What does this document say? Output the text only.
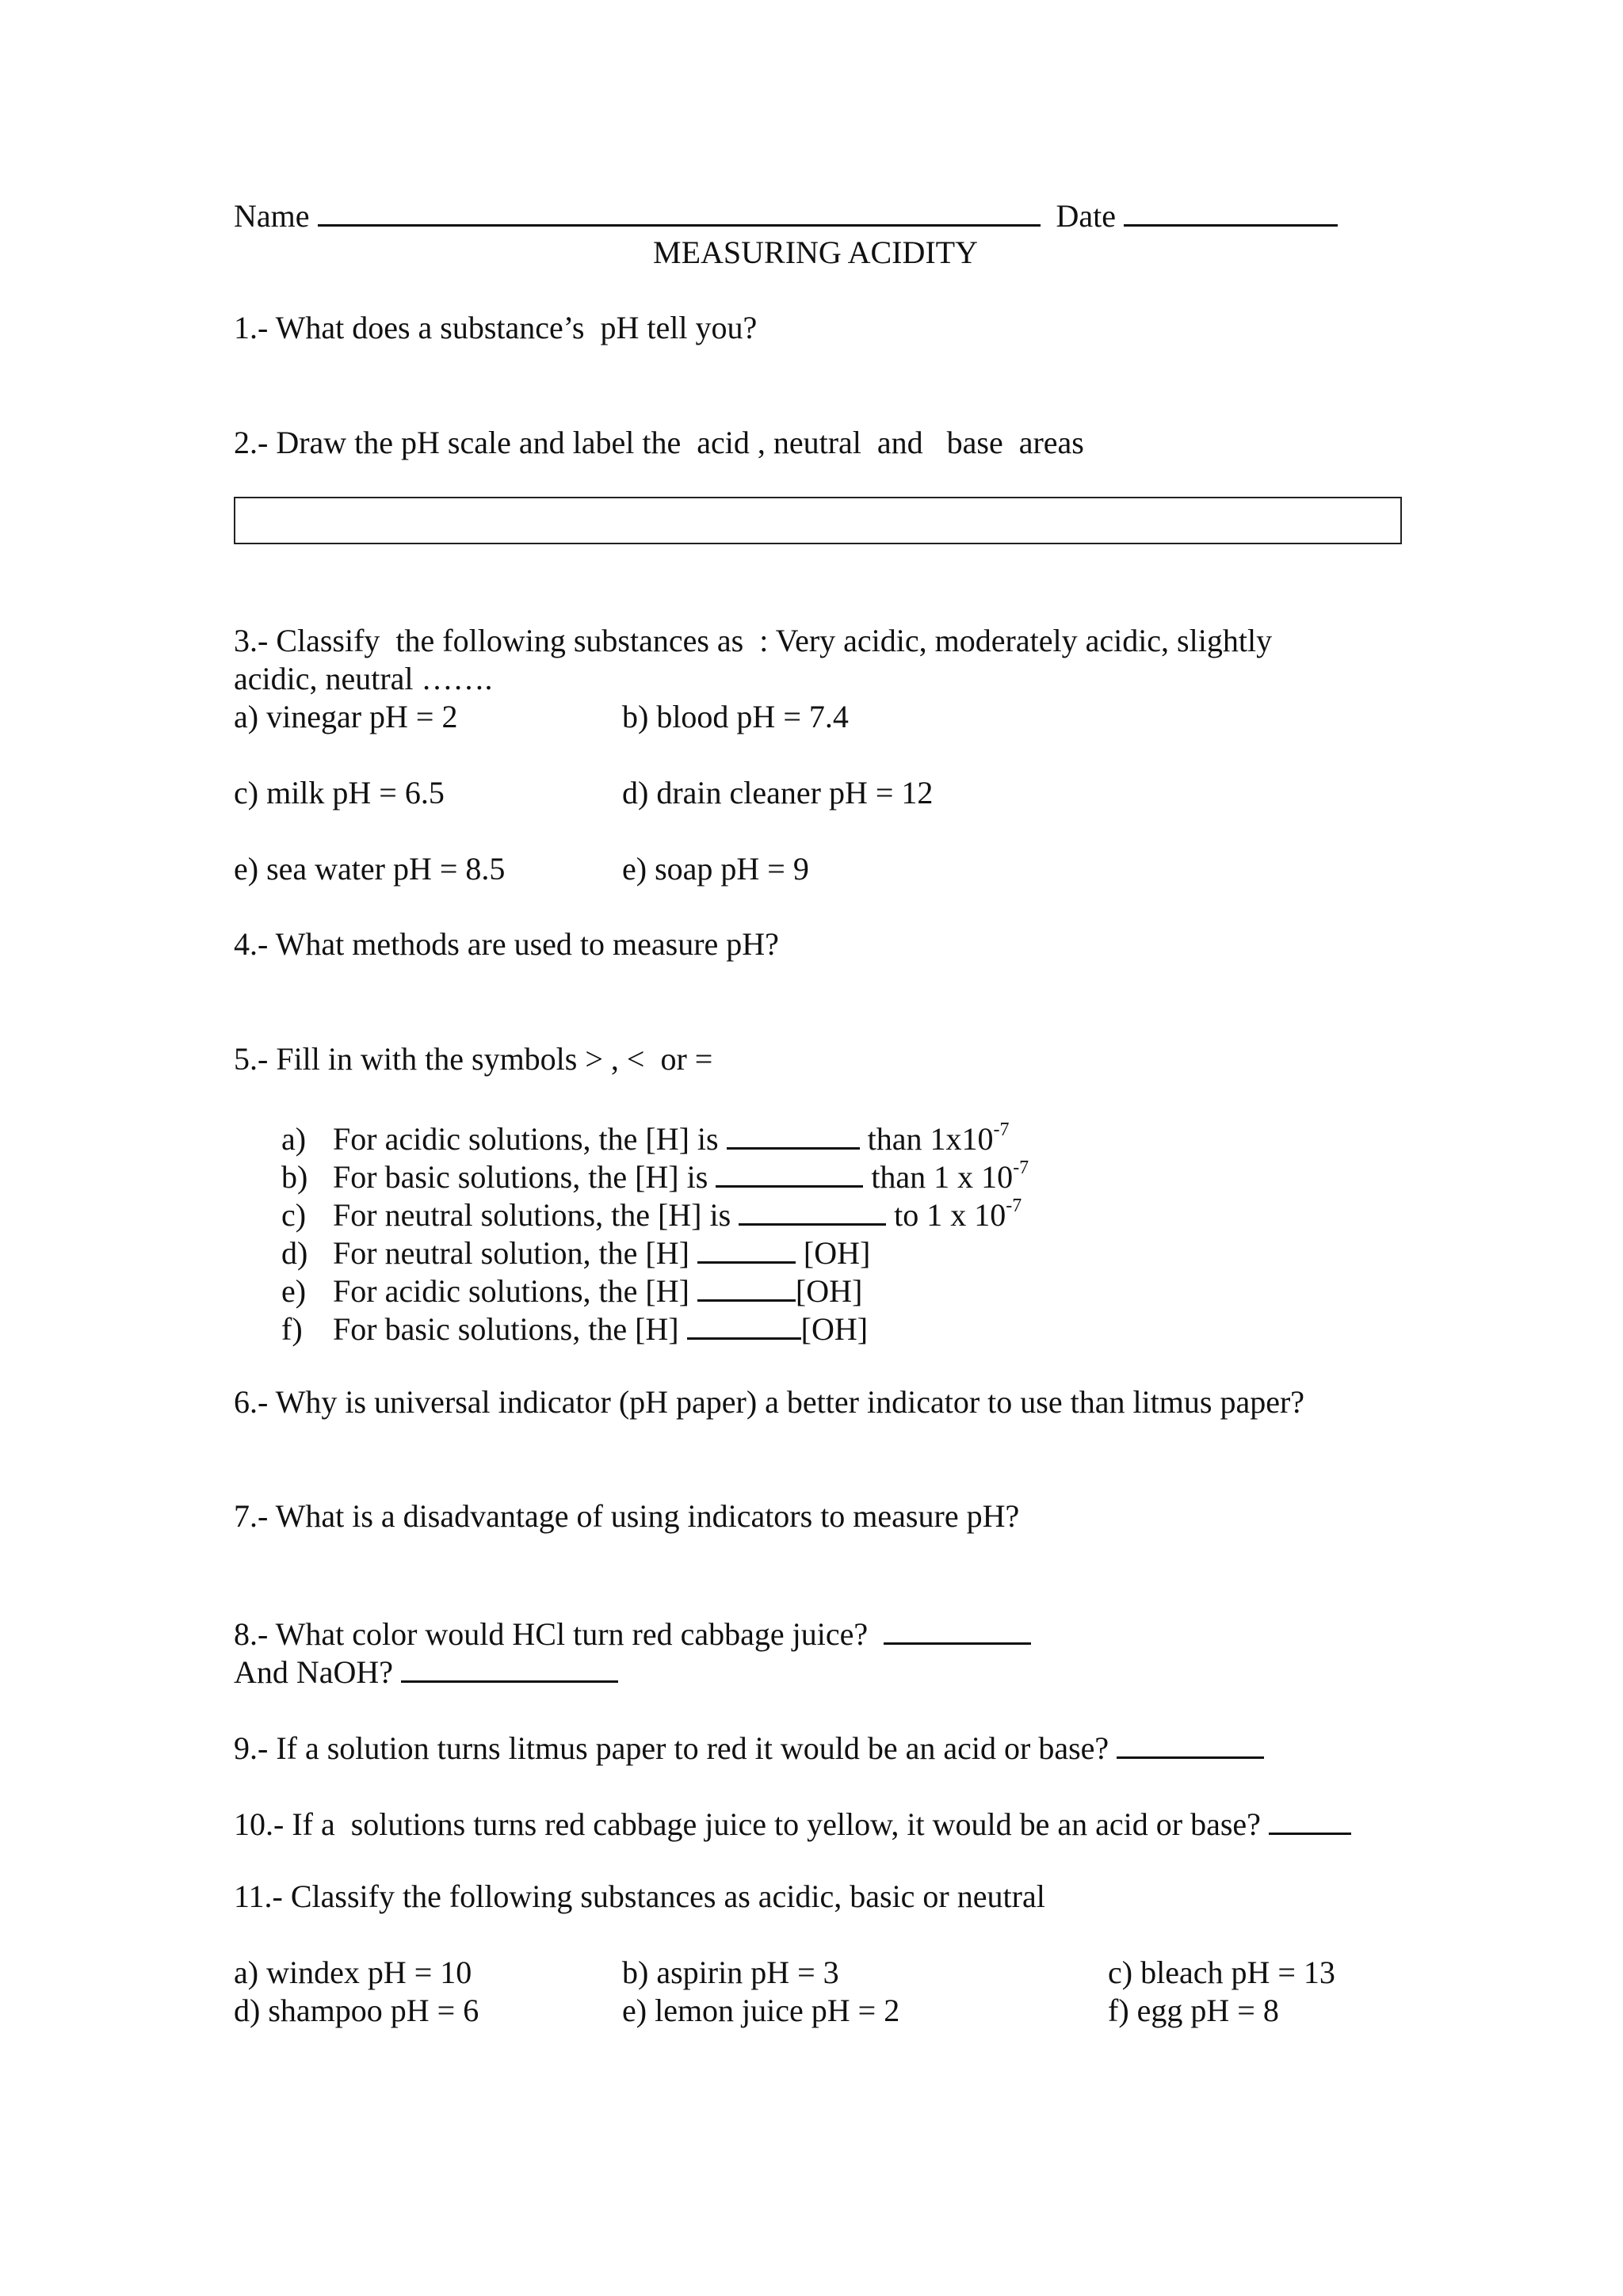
Name	Date
MEASURING ACIDITY
1.- What does a substance’s  pH tell you?
2.- Draw the pH scale and label the  acid , neutral  and   base  areas
3.- Classify  the following substances as  : Very acidic, moderately acidic, slightly
acidic, neutral …….
a) vinegar pH = 2	b) blood pH = 7.4
c) milk pH = 6.5	d) drain cleaner pH = 12
e) sea water pH = 8.5	e) soap pH = 9
4.- What methods are used to measure pH?
5.- Fill in with the symbols > , <  or =
a) For acidic solutions, the [H] is	than $1x10^{-7}$
b) For basic solutions, the [H] is	than 1 x $10^{-7}$
c) For neutral solutions, the [H] is	to 1 x $10^{-7}$
d) For neutral solution, the [H]	[OH]
e) For acidic solutions, the [H]	[OH]
f) For basic solutions, the [H]	[OH]
6.- Why is universal indicator (pH paper) a better indicator to use than litmus paper?
7.- What is a disadvantage of using indicators to measure pH?
8.- What color would HCl turn red cabbage juice?
And NaOH?
9.- If a solution turns litmus paper to red it would be an acid or base?
10.- If a  solutions turns red cabbage juice to yellow, it would be an acid or base?
11.- Classify the following substances as acidic, basic or neutral
a) windex pH = 10	b) aspirin pH = 3	c) bleach pH = 13
d) shampoo pH = 6	e) lemon juice pH = 2	f) egg pH = 8
